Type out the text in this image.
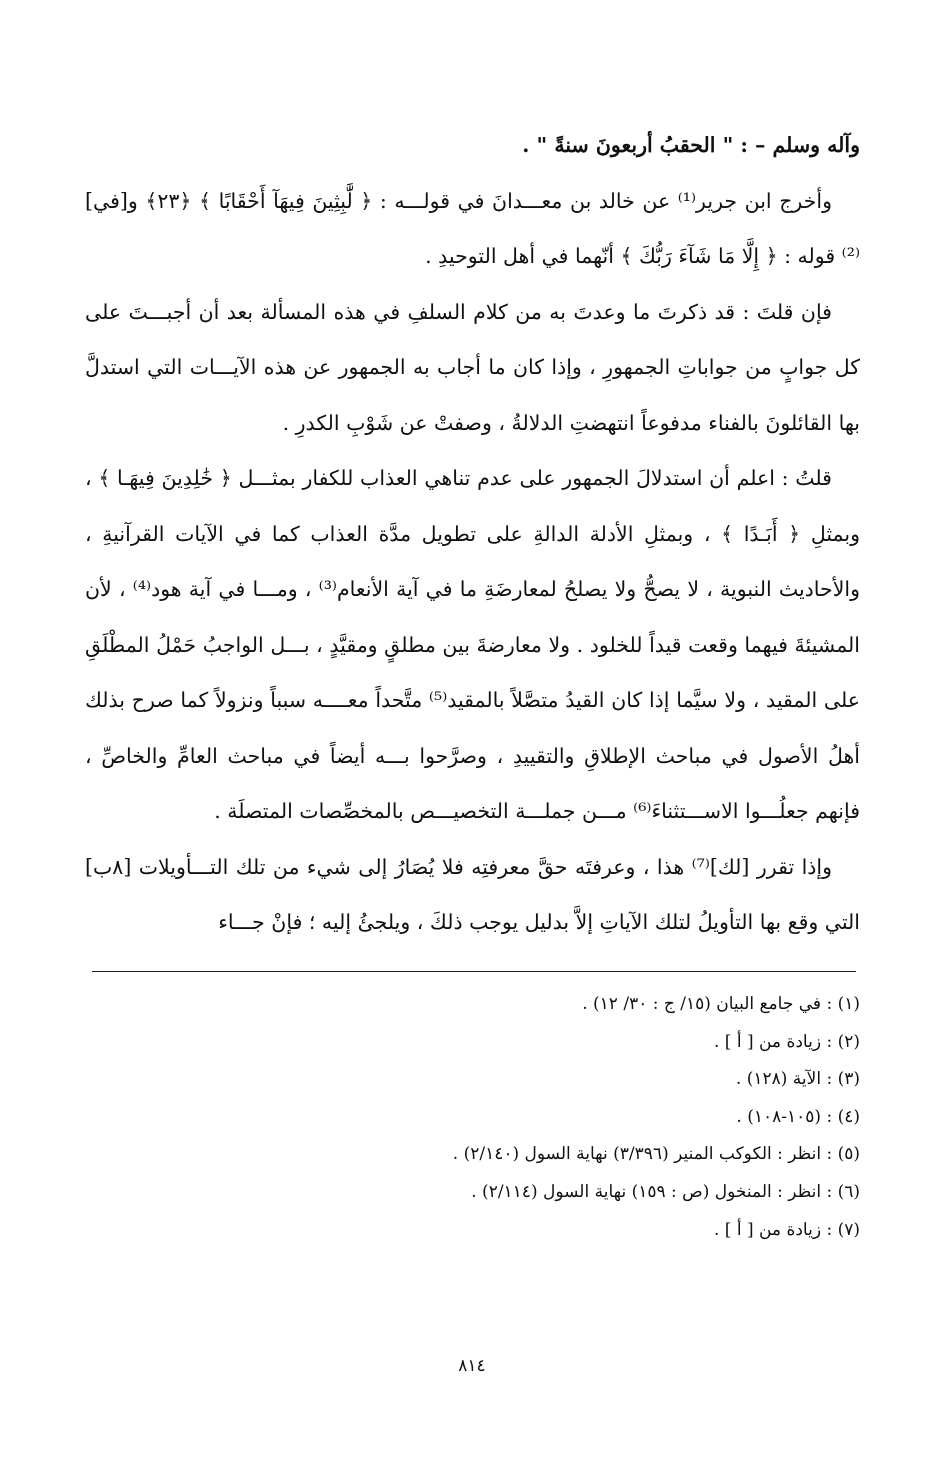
وآله وسلم – : " الحقبُ أربعونَ سنةً " .

وأخرج ابن جرير⁽¹⁾ عن خالد بن معـــدانَ في قولـــه : ﴿ لَّٰبِثِينَ فِيهَآ أَحْقَابًا ﴾ ﴿٢٣﴾ و[في]⁽²⁾ قوله : ﴿ إِلَّا مَا شَآءَ رَبُّكَ ﴾ أنّهما في أهل التوحيدِ .

فإن قلتَ : قد ذكرتَ ما وعدتَ به من كلام السلفِ في هذه المسألة بعد أن أجبـــتَ على كل جوابٍ من جواباتِ الجمهورِ ، وإذا كان ما أجاب به الجمهور عن هذه الآيـــات التي استدلَّ بها القائلونَ بالفناء مدفوعاً انتهضتِ الدلالةُ ، وصفتْ عن شَوْبِ الكدرِ .

قلتُ : اعلم أن استدلالَ الجمهور على عدم تناهي العذاب للكفار بمثـــل ﴿ خَٰلِدِينَ فِيهَـا ﴾ ، وبمثلِ ﴿ أَبَـدًا ﴾ ، وبمثلِ الأدلة الدالةِ على تطويل مدَّة العذاب كما في الآيات القرآنيةِ ، والأحاديث النبوية ، لا يصحُّ ولا يصلحُ لمعارضَةِ ما في آية الأنعام⁽³⁾ ، ومـــا في آية هود⁽⁴⁾ ، لأن المشيئةَ فيهما وقعت قيداً للخلود . ولا معارضةَ بين مطلقٍ ومقيَّدٍ ، بـــل الواجبُ حَمْلُ المطْلَقِ على المقيد ، ولا سيَّما إذا كان القيدُ متصَّلاً بالمقيد⁽⁵⁾ متَّحداً معــــه سبباً ونزولاً كما صرح بذلك أهلُ الأصول في مباحث الإطلاقِ والتقييدِ ، وصرَّحوا بـــه أيضاً في مباحث العامِّ والخاصِّ ، فإنهم جعلُـــوا الاســـتثناءَ⁽⁶⁾ مـــن جملـــة التخصيـــص بالمخصِّصات المتصلَة .

وإذا تقرر [لك]⁽⁷⁾ هذا ، وعرفتَه حقَّ معرفتِه فلا يُصَارُ إلى شيء من تلك التـــأويلات [٨ب] التي وقع بها التأويلُ لتلك الآياتِ إلاَّ بدليل يوجب ذلكَ ، ويلجئُ إليه ؛ فإنْ جـــاء

(١) : في جامع البيان (١٥/ ج : ٣٠/ ١٢) .
(٢) : زيادة من [ أ ] .
(٣) : الآية (١٢٨) .
(٤) : (١٠٥-١٠٨) .
(٥) : انظر : الكوكب المنير (٣/٣٩٦) نهاية السول (٢/١٤٠) .
(٦) : انظر : المنخول (ص : ١٥٩) نهاية السول (٢/١١٤) .
(٧) : زيادة من [ أ ] .
٨١٤
